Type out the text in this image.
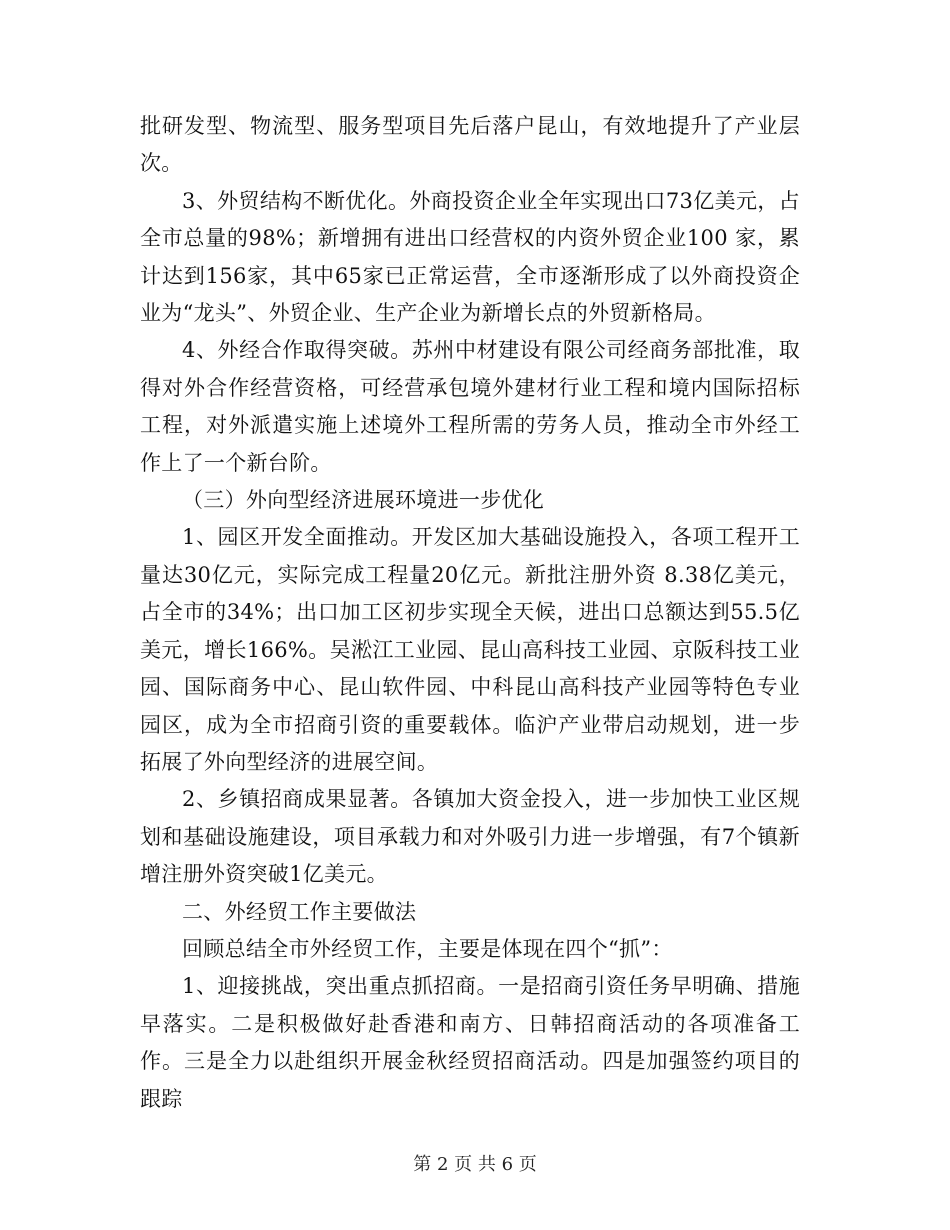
批研发型、物流型、服务型项目先后落户昆山，有效地提升了产业层次。

3、外贸结构不断优化。外商投资企业全年实现出口73亿美元，占全市总量的98%；新增拥有进出口经营权的内资外贸企业100 家，累计达到156家，其中65家已正常运营，全市逐渐形成了以外商投资企业为“龙头”、外贸企业、生产企业为新增长点的外贸新格局。

4、外经合作取得突破。苏州中材建设有限公司经商务部批准，取得对外合作经营资格，可经营承包境外建材行业工程和境内国际招标工程，对外派遣实施上述境外工程所需的劳务人员，推动全市外经工作上了一个新台阶。

（三）外向型经济进展环境进一步优化

1、园区开发全面推动。开发区加大基础设施投入，各项工程开工量达30亿元，实际完成工程量20亿元。新批注册外资 8.38亿美元，占全市的34%；出口加工区初步实现全天候，进出口总额达到55.5亿美元，增长166%。吴淞江工业园、昆山高科技工业园、京阪科技工业园、国际商务中心、昆山软件园、中科昆山高科技产业园等特色专业园区，成为全市招商引资的重要载体。临沪产业带启动规划，进一步拓展了外向型经济的进展空间。

2、乡镇招商成果显著。各镇加大资金投入，进一步加快工业区规划和基础设施建设，项目承载力和对外吸引力进一步增强，有7个镇新增注册外资突破1亿美元。

二、外经贸工作主要做法

回顾总结全市外经贸工作，主要是体现在四个“抓”：

1、迎接挑战，突出重点抓招商。一是招商引资任务早明确、措施早落实。二是积极做好赴香港和南方、日韩招商活动的各项准备工作。三是全力以赴组织开展金秋经贸招商活动。四是加强签约项目的跟踪

第 2 页 共 6 页
